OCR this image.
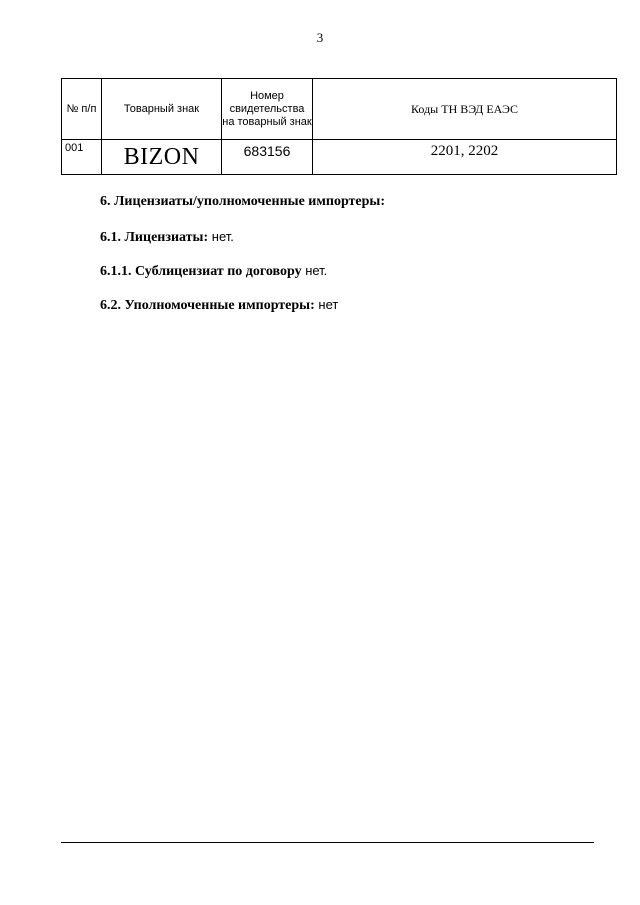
3
№ п/п	Товарный знак	Номер свидетельства на товарный знак	Коды ТН ВЭД ЕАЭС
001	BIZON	683156	2201, 2202
6. Лицензиаты/уполномоченные импортеры:
6.1. Лицензиаты: нет.
6.1.1. Сублицензиат по договору нет.
6.2. Уполномоченные импортеры: нет
